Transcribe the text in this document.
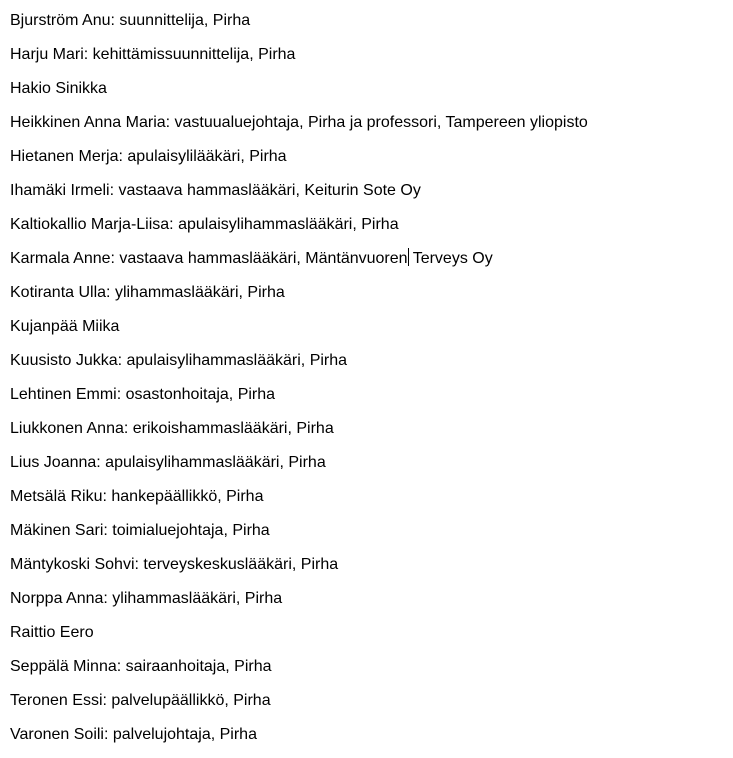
Bjurström Anu: suunnittelija, Pirha

Harju Mari: kehittämissuunnittelija, Pirha

Hakio Sinikka

Heikkinen Anna Maria: vastuualuejohtaja, Pirha ja professori, Tampereen yliopisto

Hietanen Merja: apulaisylilääkäri, Pirha

Ihamäki Irmeli: vastaava hammaslääkäri, Keiturin Sote Oy

Kaltiokallio Marja-Liisa: apulaisylihammaslääkäri, Pirha

Karmala Anne: vastaava hammaslääkäri, Mäntänvuoren Terveys Oy

Kotiranta Ulla: ylihammaslääkäri, Pirha

Kujanpää Miika

Kuusisto Jukka: apulaisylihammaslääkäri, Pirha

Lehtinen Emmi: osastonhoitaja, Pirha

Liukkonen Anna: erikoishammaslääkäri, Pirha

Lius Joanna: apulaisylihammaslääkäri, Pirha

Metsälä Riku: hankepäällikkö, Pirha

Mäkinen Sari: toimialuejohtaja, Pirha

Mäntykoski Sohvi: terveyskeskuslääkäri, Pirha

Norppa Anna: ylihammaslääkäri, Pirha

Raittio Eero

Seppälä Minna: sairaanhoitaja, Pirha

Teronen Essi: palvelupäällikkö, Pirha

Varonen Soili: palvelujohtaja, Pirha
